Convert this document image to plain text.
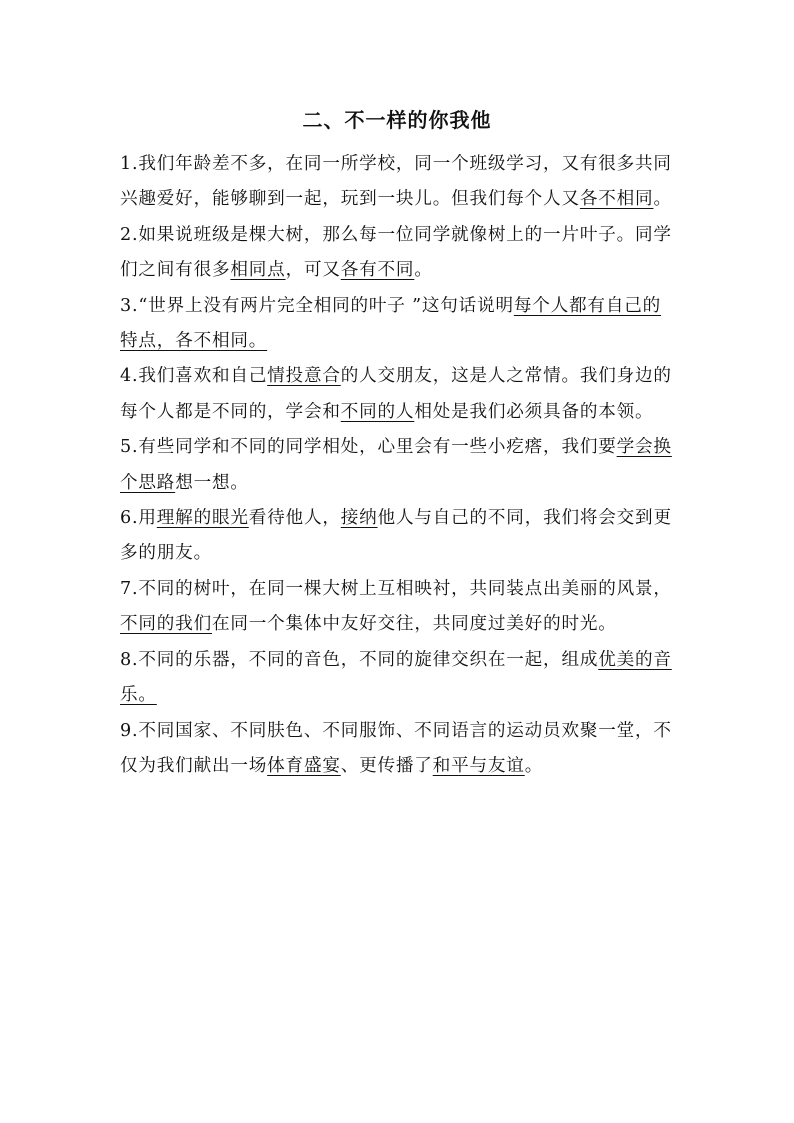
二、不一样的你我他

1.我们年龄差不多，在同一所学校，同一个班级学习，又有很多共同兴趣爱好，能够聊到一起，玩到一块儿。但我们每个人又各不相同。

2.如果说班级是棵大树，那么每一位同学就像树上的一片叶子。同学们之间有很多相同点，可又各有不同。

3.“世界上没有两片完全相同的叶子 ”这句话说明每个人都有自己的特点，各不相同。

4.我们喜欢和自己情投意合的人交朋友，这是人之常情。我们身边的每个人都是不同的，学会和不同的人相处是我们必须具备的本领。

5.有些同学和不同的同学相处，心里会有一些小疙瘩，我们要学会换个思路想一想。

6.用理解的眼光看待他人，接纳他人与自己的不同，我们将会交到更多的朋友。

7.不同的树叶，在同一棵大树上互相映衬，共同装点出美丽的风景，不同的我们在同一个集体中友好交往，共同度过美好的时光。

8.不同的乐器，不同的音色，不同的旋律交织在一起，组成优美的音乐。

9.不同国家、不同肤色、不同服饰、不同语言的运动员欢聚一堂，不仅为我们献出一场体育盛宴、更传播了和平与友谊。
